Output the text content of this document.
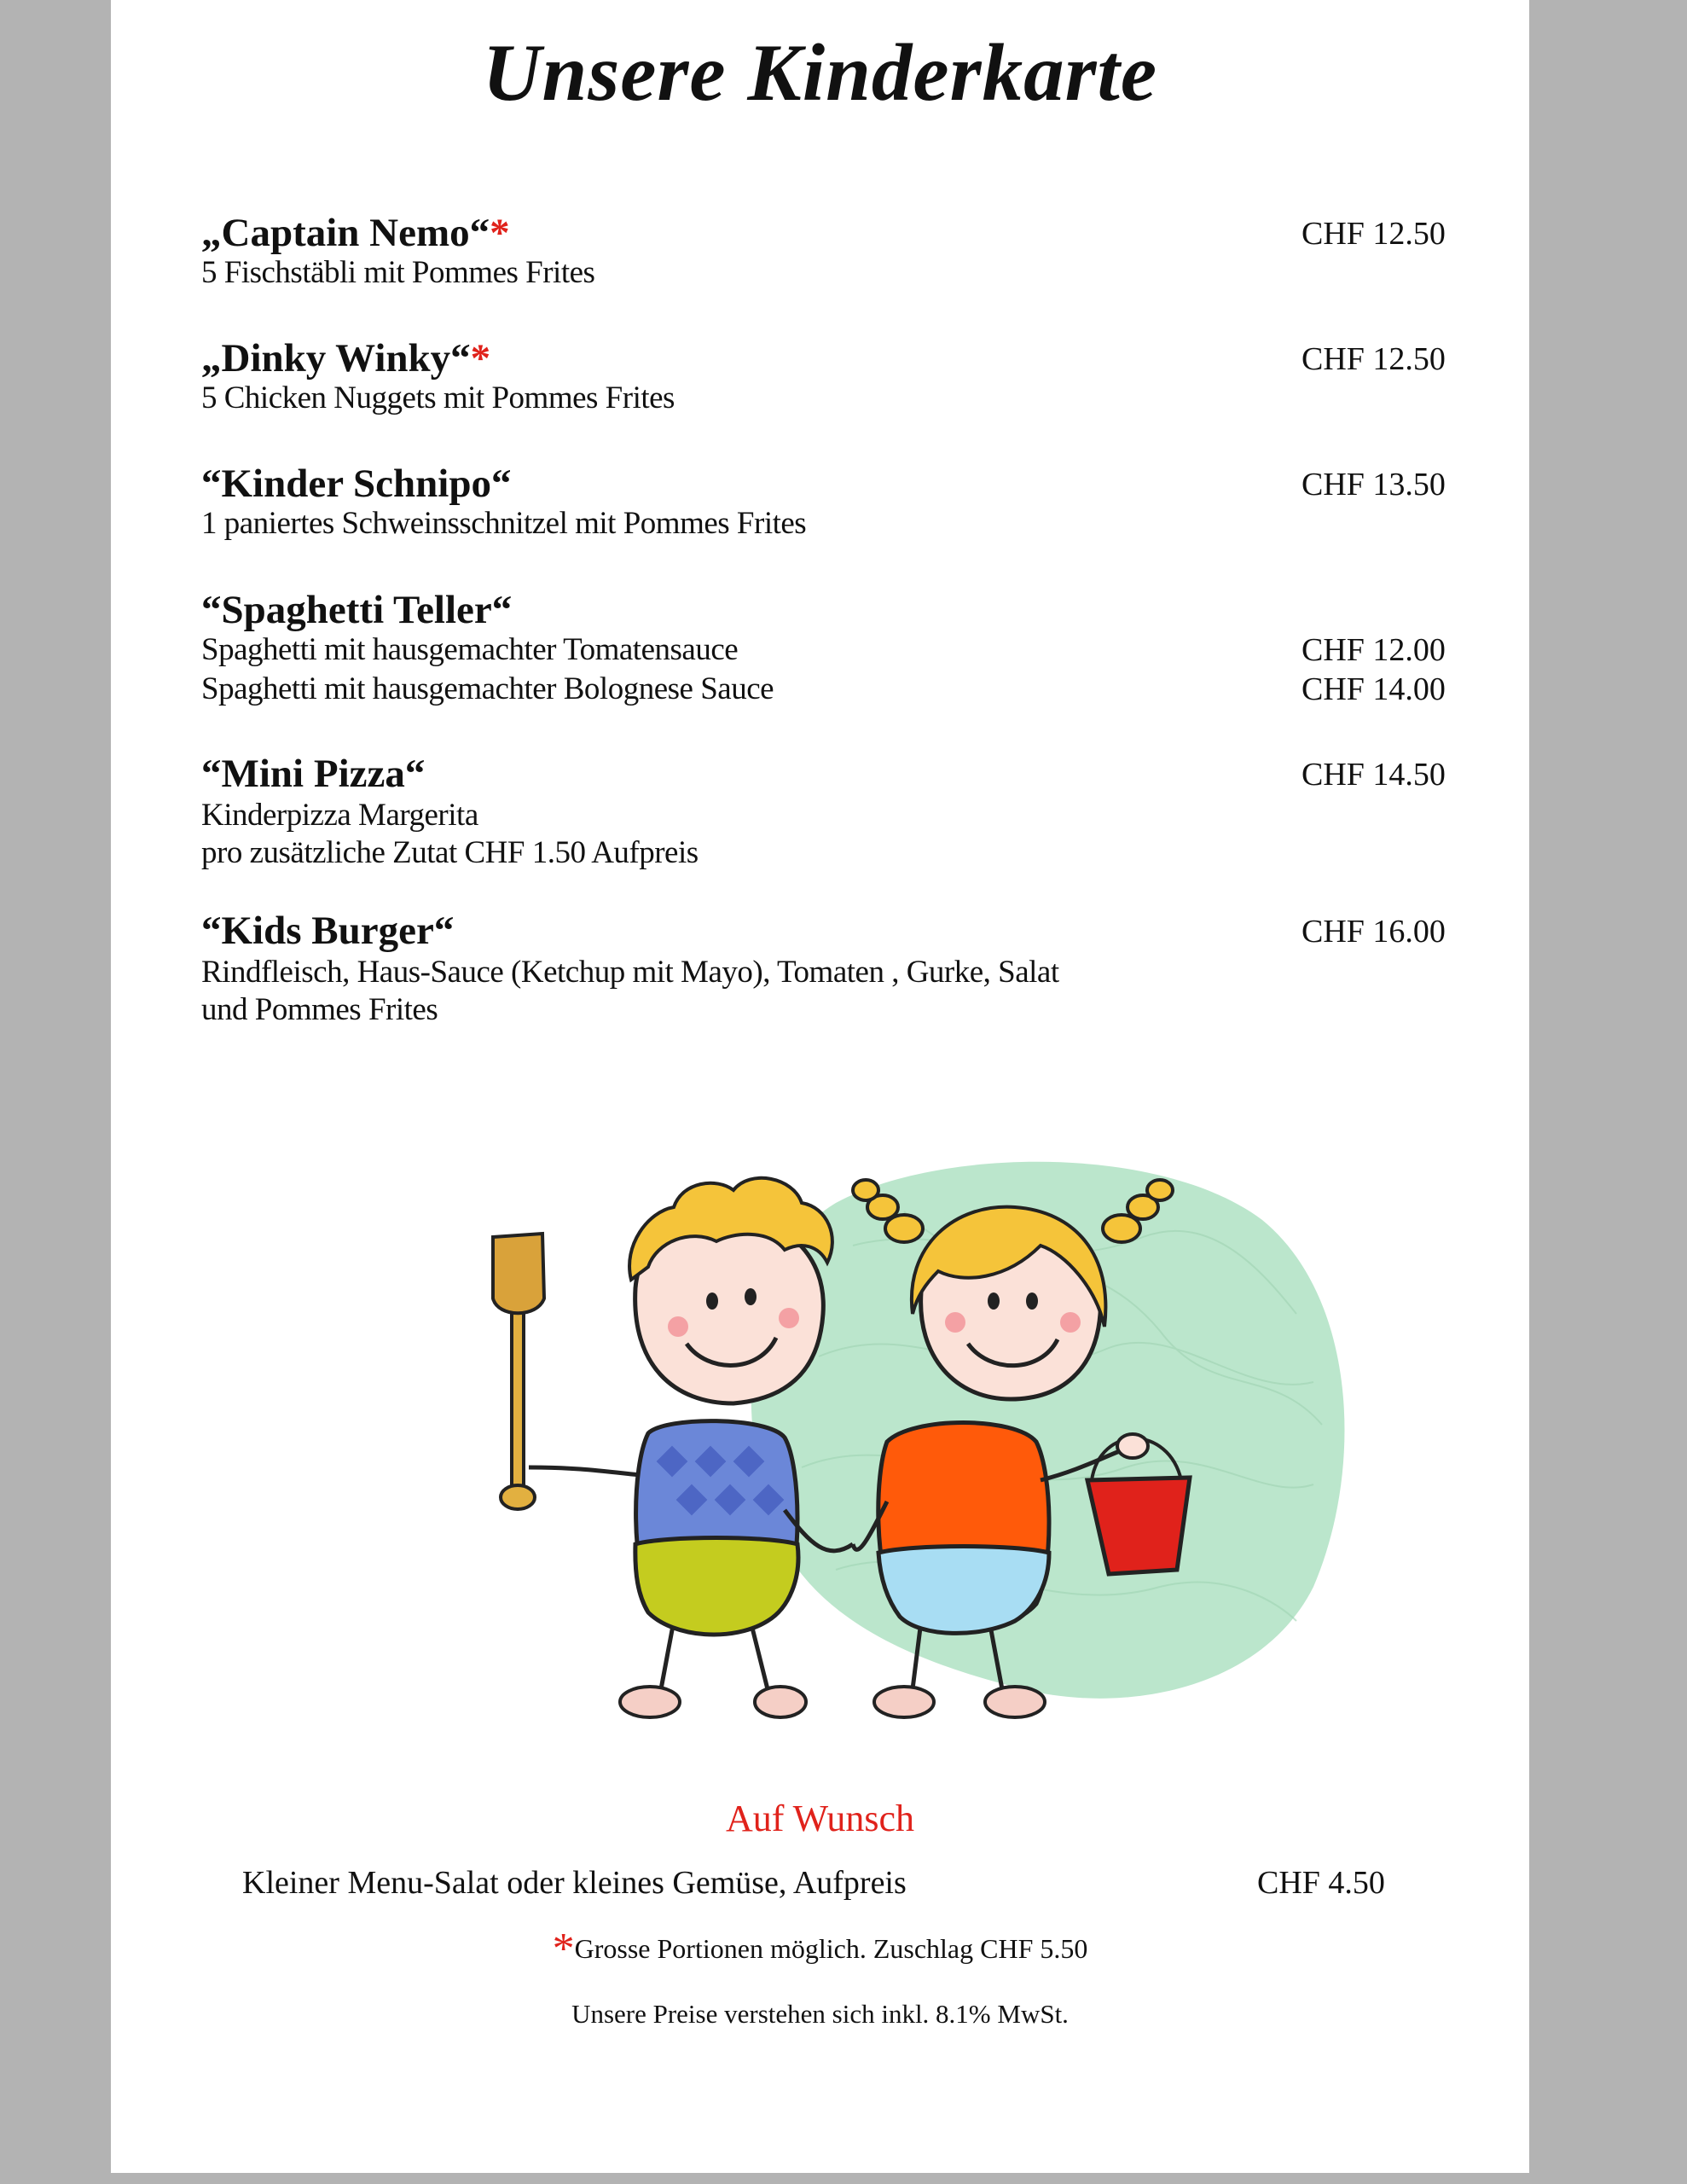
Unsere Kinderkarte
„Captain Nemo“*	CHF 12.50
5 Fischstäbli mit Pommes Frites
„Dinky Winky“*	CHF 12.50
5 Chicken Nuggets mit Pommes Frites
“Kinder Schnipo“	CHF 13.50
1 paniertes Schweinsschnitzel mit Pommes Frites
“Spaghetti Teller“
Spaghetti mit hausgemachter Tomatensauce	CHF 12.00
Spaghetti mit hausgemachter Bolognese Sauce	CHF 14.00
“Mini Pizza“	CHF 14.50
Kinderpizza Margerita
pro zusätzliche Zutat CHF 1.50 Aufpreis
“Kids Burger“	CHF 16.00
Rindfleisch, Haus-Sauce (Ketchup mit Mayo), Tomaten , Gurke, Salat
und Pommes Frites
Auf Wunsch
Kleiner Menu-Salat oder kleines Gemüse, Aufpreis	CHF 4.50
*Grosse Portionen möglich. Zuschlag CHF 5.50
Unsere Preise verstehen sich inkl. 8.1% MwSt.
